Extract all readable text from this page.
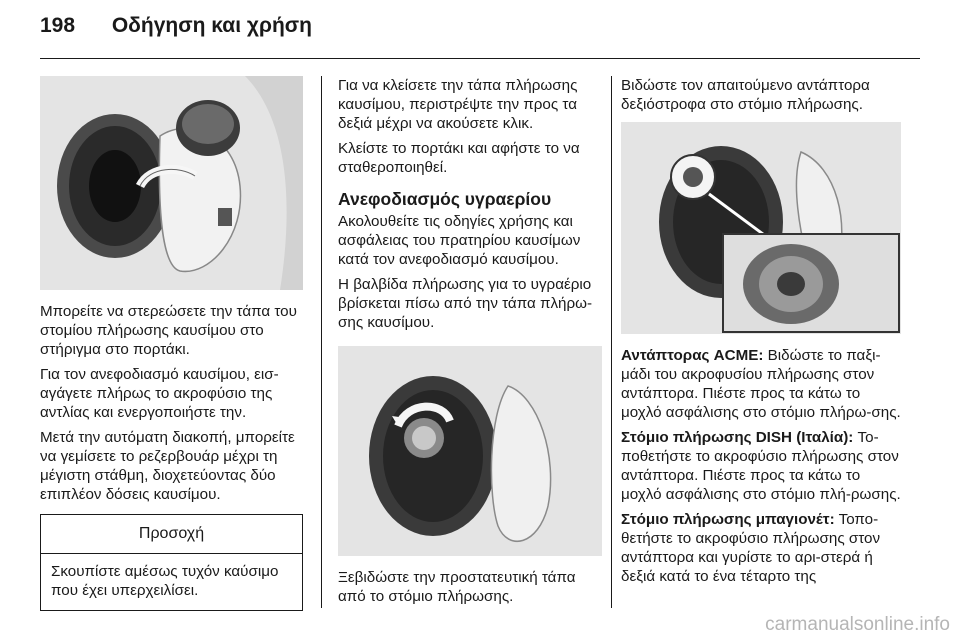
198 Οδήγηση και χρήση

Μπορείτε να στερεώσετε την τάπα του στομίου πλήρωσης καυσίμου στο στήριγμα στο πορτάκι.

Για τον ανεφοδιασμό καυσίμου, εισ-αγάγετε πλήρως το ακροφύσιο της αντλίας και ενεργοποιήστε την.

Μετά την αυτόματη διακοπή, μπορείτε να γεμίσετε το ρεζερβουάρ μέχρι τη μέγιστη στάθμη, διοχετεύοντας δύο επιπλέον δόσεις καυσίμου.

Προσοχή
Σκουπίστε αμέσως τυχόν καύσιμο που έχει υπερχειλίσει.

Για να κλείσετε την τάπα πλήρωσης καυσίμου, περιστρέψτε την προς τα δεξιά μέχρι να ακούσετε κλικ.

Κλείστε το πορτάκι και αφήστε το να σταθεροποιηθεί.

Ανεφοδιασμός υγραερίου

Ακολουθείτε τις οδηγίες χρήσης και ασφάλειας του πρατηρίου καυσίμων κατά τον ανεφοδιασμό καυσίμου.

Η βαλβίδα πλήρωσης για το υγραέριο βρίσκεται πίσω από την τάπα πλήρω-σης καυσίμου.

Ξεβιδώστε την προστατευτική τάπα από το στόμιο πλήρωσης.

Βιδώστε τον απαιτούμενο αντάπτορα δεξιόστροφα στο στόμιο πλήρωσης.

Αντάπτορας ACME: Βιδώστε το παξι-μάδι του ακροφυσίου πλήρωσης στον αντάπτορα. Πιέστε προς τα κάτω το μοχλό ασφάλισης στο στόμιο πλήρω-σης.

Στόμιο πλήρωσης DISH (Ιταλία): Το-ποθετήστε το ακροφύσιο πλήρωσης στον αντάπτορα. Πιέστε προς τα κάτω το μοχλό ασφάλισης στο στόμιο πλή-ρωσης.

Στόμιο πλήρωσης μπαγιονέτ: Τοπο-θετήστε το ακροφύσιο πλήρωσης στον αντάπτορα και γυρίστε το αρι-στερά ή δεξιά κατά το ένα τέταρτο της

carmanualsonline.info
